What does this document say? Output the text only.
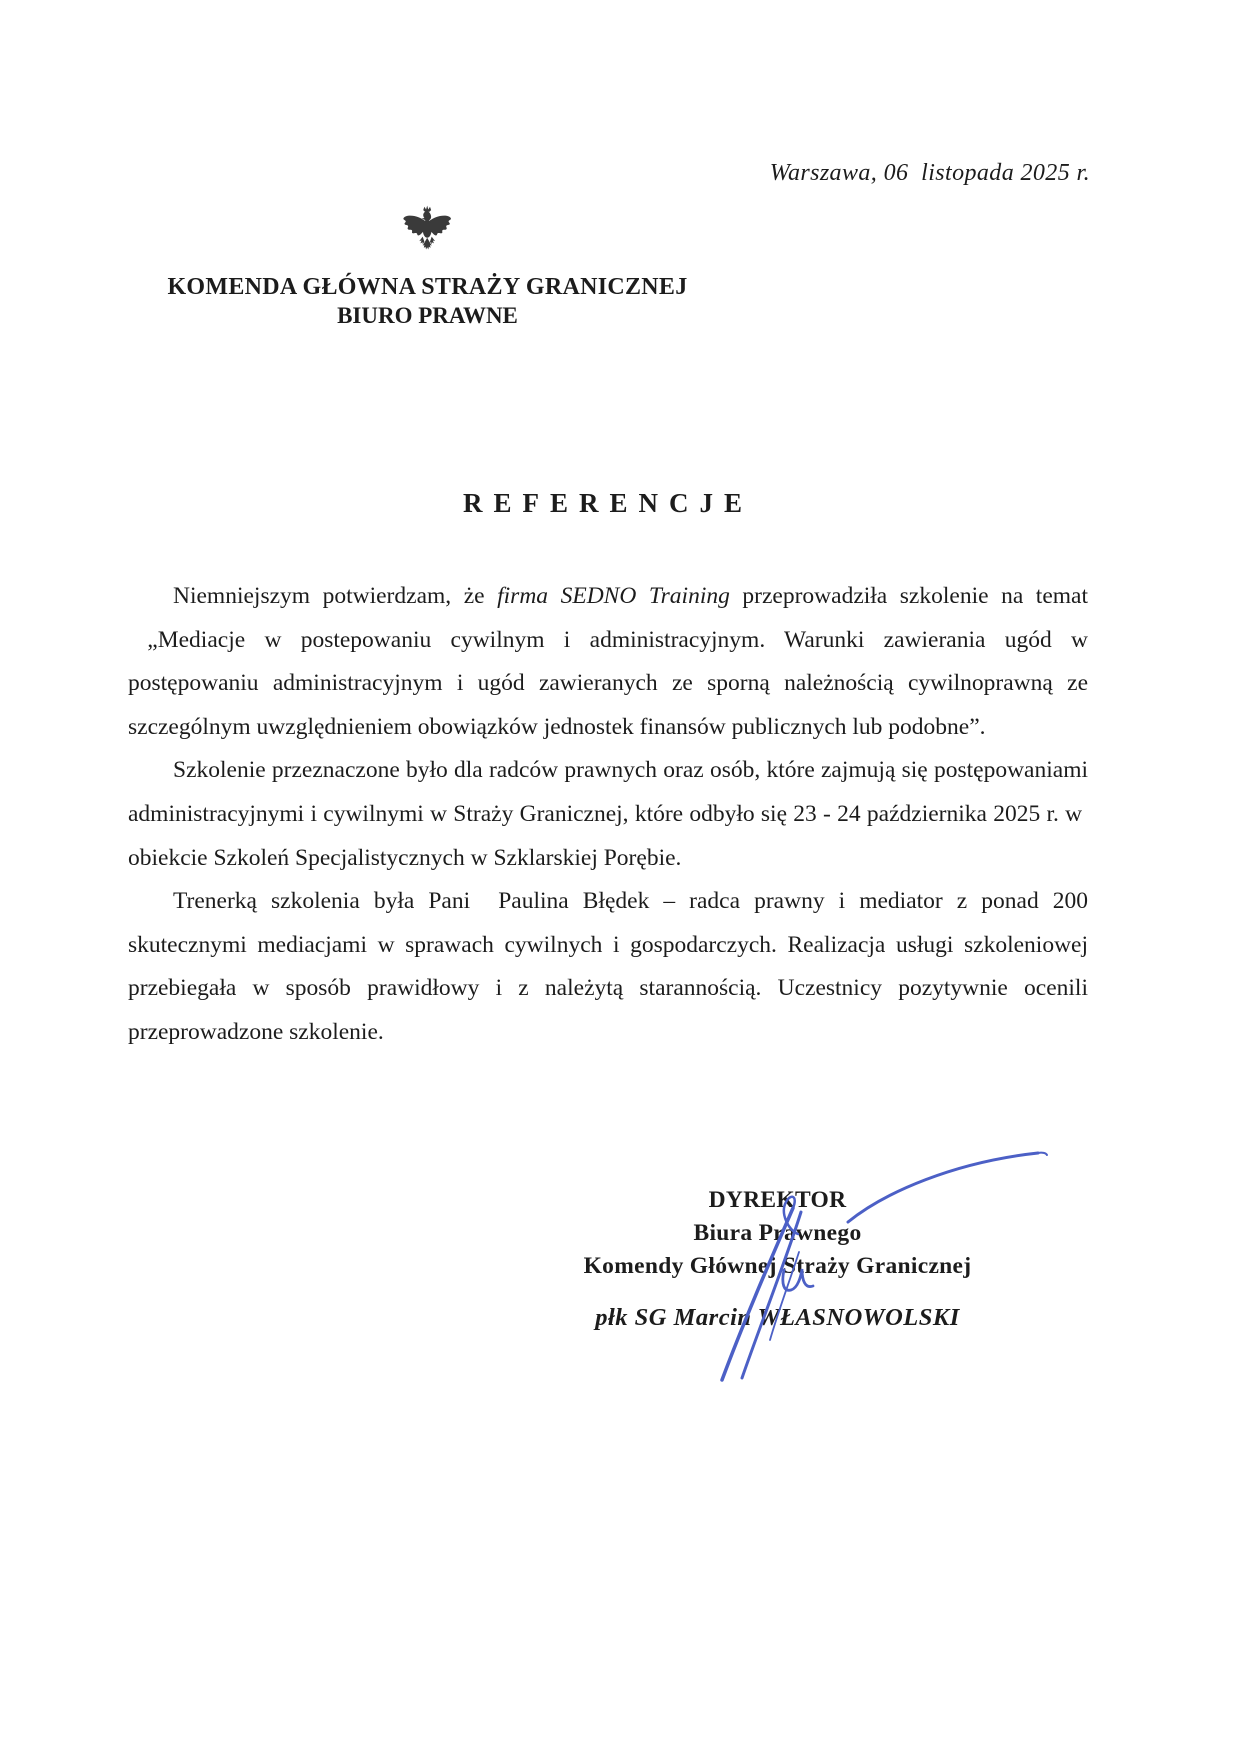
Warszawa, 06  listopada 2025 r.
KOMENDA GŁÓWNA STRAŻY GRANICZNEJ
BIURO PRAWNE
REFERENCJE

Niemniejszym potwierdzam, że firma SEDNO Training przeprowadziła szkolenie na temat  „Mediacje w postepowaniu cywilnym i administracyjnym. Warunki zawierania ugód w postępowaniu administracyjnym i ugód zawieranych ze sporną należnością cywilnoprawną ze szczególnym uwzględnieniem obowiązków jednostek finansów publicznych lub podobne”.

Szkolenie przeznaczone było dla radców prawnych oraz osób, które zajmują się postępowaniami administracyjnymi i cywilnymi w Straży Granicznej, które odbyło się 23 - 24 października 2025 r. w  obiekcie Szkoleń Specjalistycznych w Szklarskiej Porębie.

Trenerką szkolenia była Pani  Paulina Błędek – radca prawny i mediator z ponad 200 skutecznymi mediacjami w sprawach cywilnych i gospodarczych. Realizacja usługi szkoleniowej przebiegała w sposób prawidłowy i z należytą starannością. Uczestnicy pozytywnie ocenili przeprowadzone szkolenie.

DYREKTOR
Biura Prawnego
Komendy Głównej Straży Granicznej
płk SG Marcin WŁASNOWOLSKI
